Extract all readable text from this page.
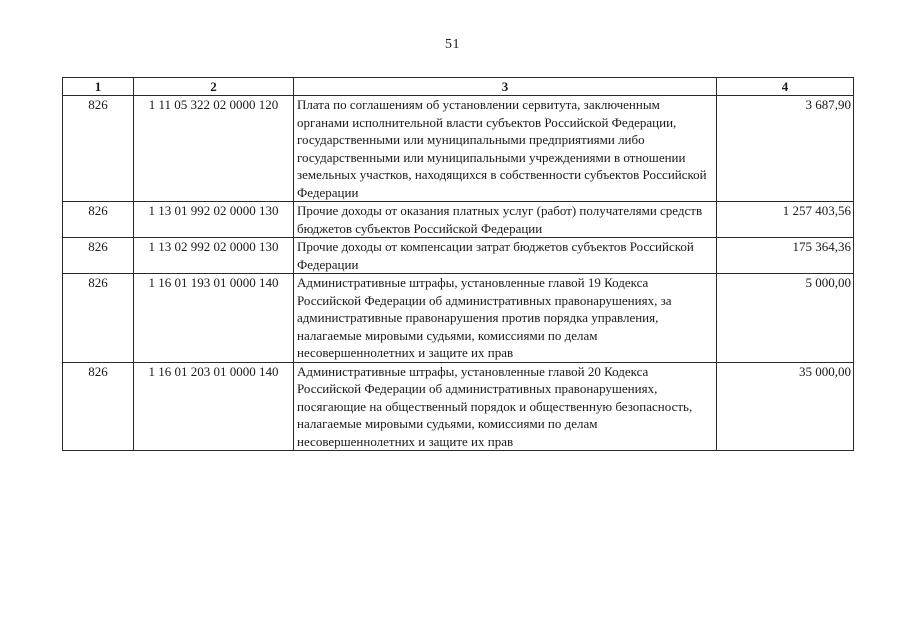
51
1	2	3	4
826	1 11 05 322 02 0000 120	Плата по соглашениям об установлении сервитута, заключенным органами исполнительной власти субъектов Российской Федерации, государственными или муниципальными предприятиями либо государственными или муниципальными учреждениями в отношении земельных участков, находящихся в собственности субъектов Российской Федерации	3 687,90
826	1 13 01 992 02 0000 130	Прочие доходы от оказания платных услуг (работ) получателями средств бюджетов субъектов Российской Федерации	1 257 403,56
826	1 13 02 992 02 0000 130	Прочие доходы от компенсации затрат бюджетов субъектов Российской Федерации	175 364,36
826	1 16 01 193 01 0000 140	Административные штрафы, установленные главой 19 Кодекса Российской Федерации об административных правонарушениях, за административные правонарушения против порядка управления, налагаемые мировыми судьями, комиссиями по делам несовершеннолетних и защите их прав	5 000,00
826	1 16 01 203 01 0000 140	Административные штрафы, установленные главой 20 Кодекса Российской Федерации об административных правонарушениях, посягающие на общественный порядок и общественную безопасность, налагаемые мировыми судьями, комиссиями по делам несовершеннолетних и защите их прав	35 000,00
